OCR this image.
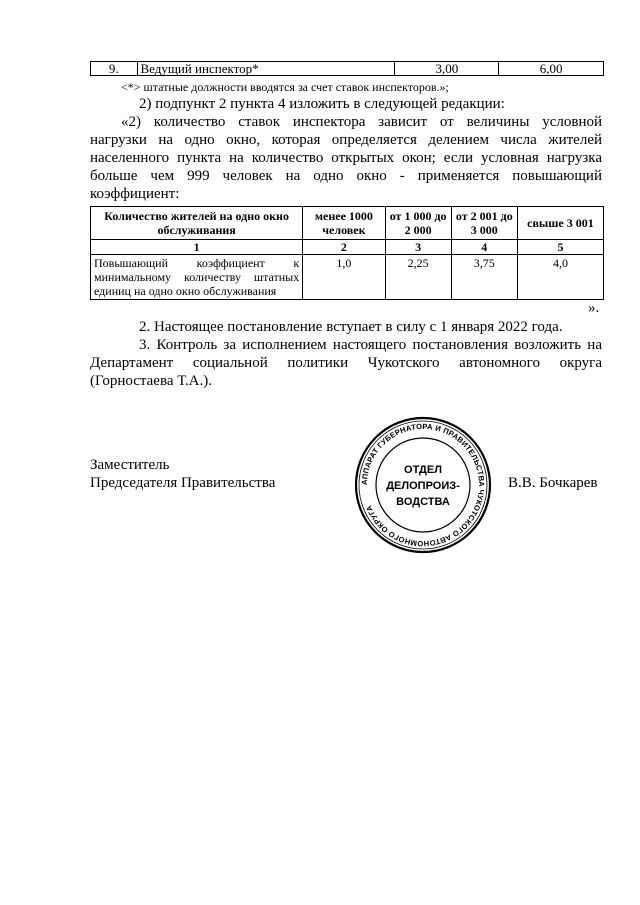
9.	Ведущий инспектор*	3,00	6,00
<*> штатные должности вводятся за счет ставок инспекторов.»;
2) подпункт 2 пункта 4 изложить в следующей редакции:
«2) количество ставок инспектора зависит от величины условной
нагрузки на одно окно, которая определяется делением числа жителей
населенного пункта на количество открытых окон; если условная нагрузка
больше чем 999 человек на одно окно - применяется повышающий
коэффициент:
Количество жителей на одно окно обслуживания	менее 1000 человек	от 1 000 до 2 000	от 2 001 до 3 000	свыше 3 001
1	2	3	4	5
Повышающий коэффициент к минимальному количеству штатных единиц на одно окно обслуживания	1,0	2,25	3,75	4,0
».
2. Настоящее постановление вступает в силу с 1 января 2022 года.
3. Контроль за исполнением настоящего постановления возложить на
Департамент социальной политики Чукотского автономного округа
(Горностаева Т.А.).
Заместитель
Председателя Правительства	В.В. Бочкарев
АППАРАТ ГУБЕРНАТОРА И ПРАВИТЕЛЬСТВА ЧУКОТСКОГО АВТОНОМНОГО ОКРУГА
ОТДЕЛ
ДЕЛОПРОИЗ-
ВОДСТВА
